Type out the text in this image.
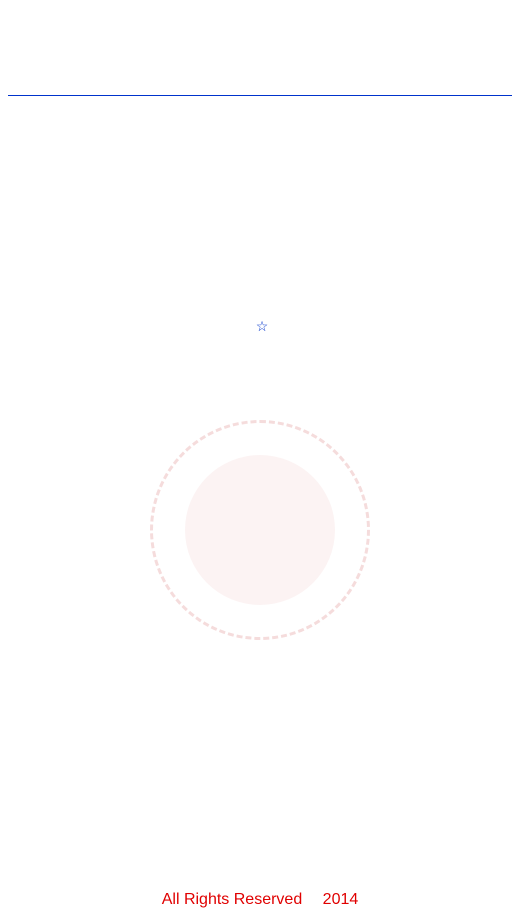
☆

All Rights Reserved 2014
